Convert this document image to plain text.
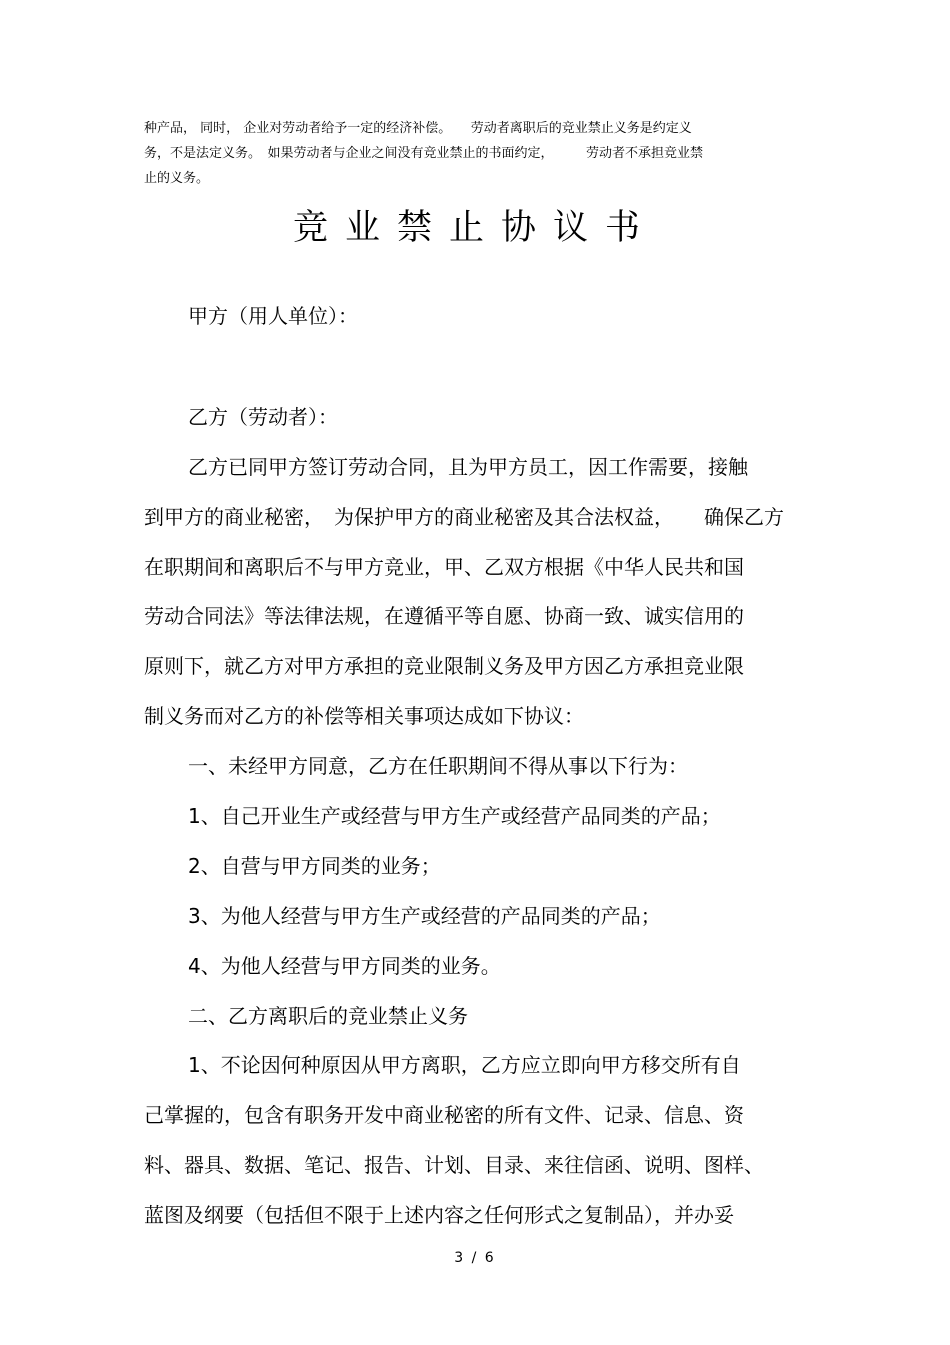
种产品， 同时， 企业对劳动者给予一定的经济补偿。　　劳动者离职后的竞业禁止义务是约定义
务，不是法定义务。　如果劳动者与企业之间没有竞业禁止的书面约定，　　　劳动者不承担竞业禁
止的义务。
竞业禁止协议书
甲方（用人单位）：
乙方（劳动者）：
乙方已同甲方签订劳动合同，且为甲方员工，因工作需要，接触
到甲方的商业秘密，　为保护甲方的商业秘密及其合法权益，　　确保乙方
在职期间和离职后不与甲方竞业，甲、乙双方根据《中华人民共和国
劳动合同法》等法律法规，在遵循平等自愿、协商一致、诚实信用的
原则下，就乙方对甲方承担的竞业限制义务及甲方因乙方承担竞业限
制义务而对乙方的补偿等相关事项达成如下协议：
一、未经甲方同意，乙方在任职期间不得从事以下行为：
1、自己开业生产或经营与甲方生产或经营产品同类的产品；
2、自营与甲方同类的业务；
3、为他人经营与甲方生产或经营的产品同类的产品；
4、为他人经营与甲方同类的业务。
二、乙方离职后的竞业禁止义务
1、不论因何种原因从甲方离职，乙方应立即向甲方移交所有自
己掌握的，包含有职务开发中商业秘密的所有文件、记录、信息、资
料、器具、数据、笔记、报告、计划、目录、来往信函、说明、图样、
蓝图及纲要（包括但不限于上述内容之任何形式之复制品），并办妥
3 / 6
